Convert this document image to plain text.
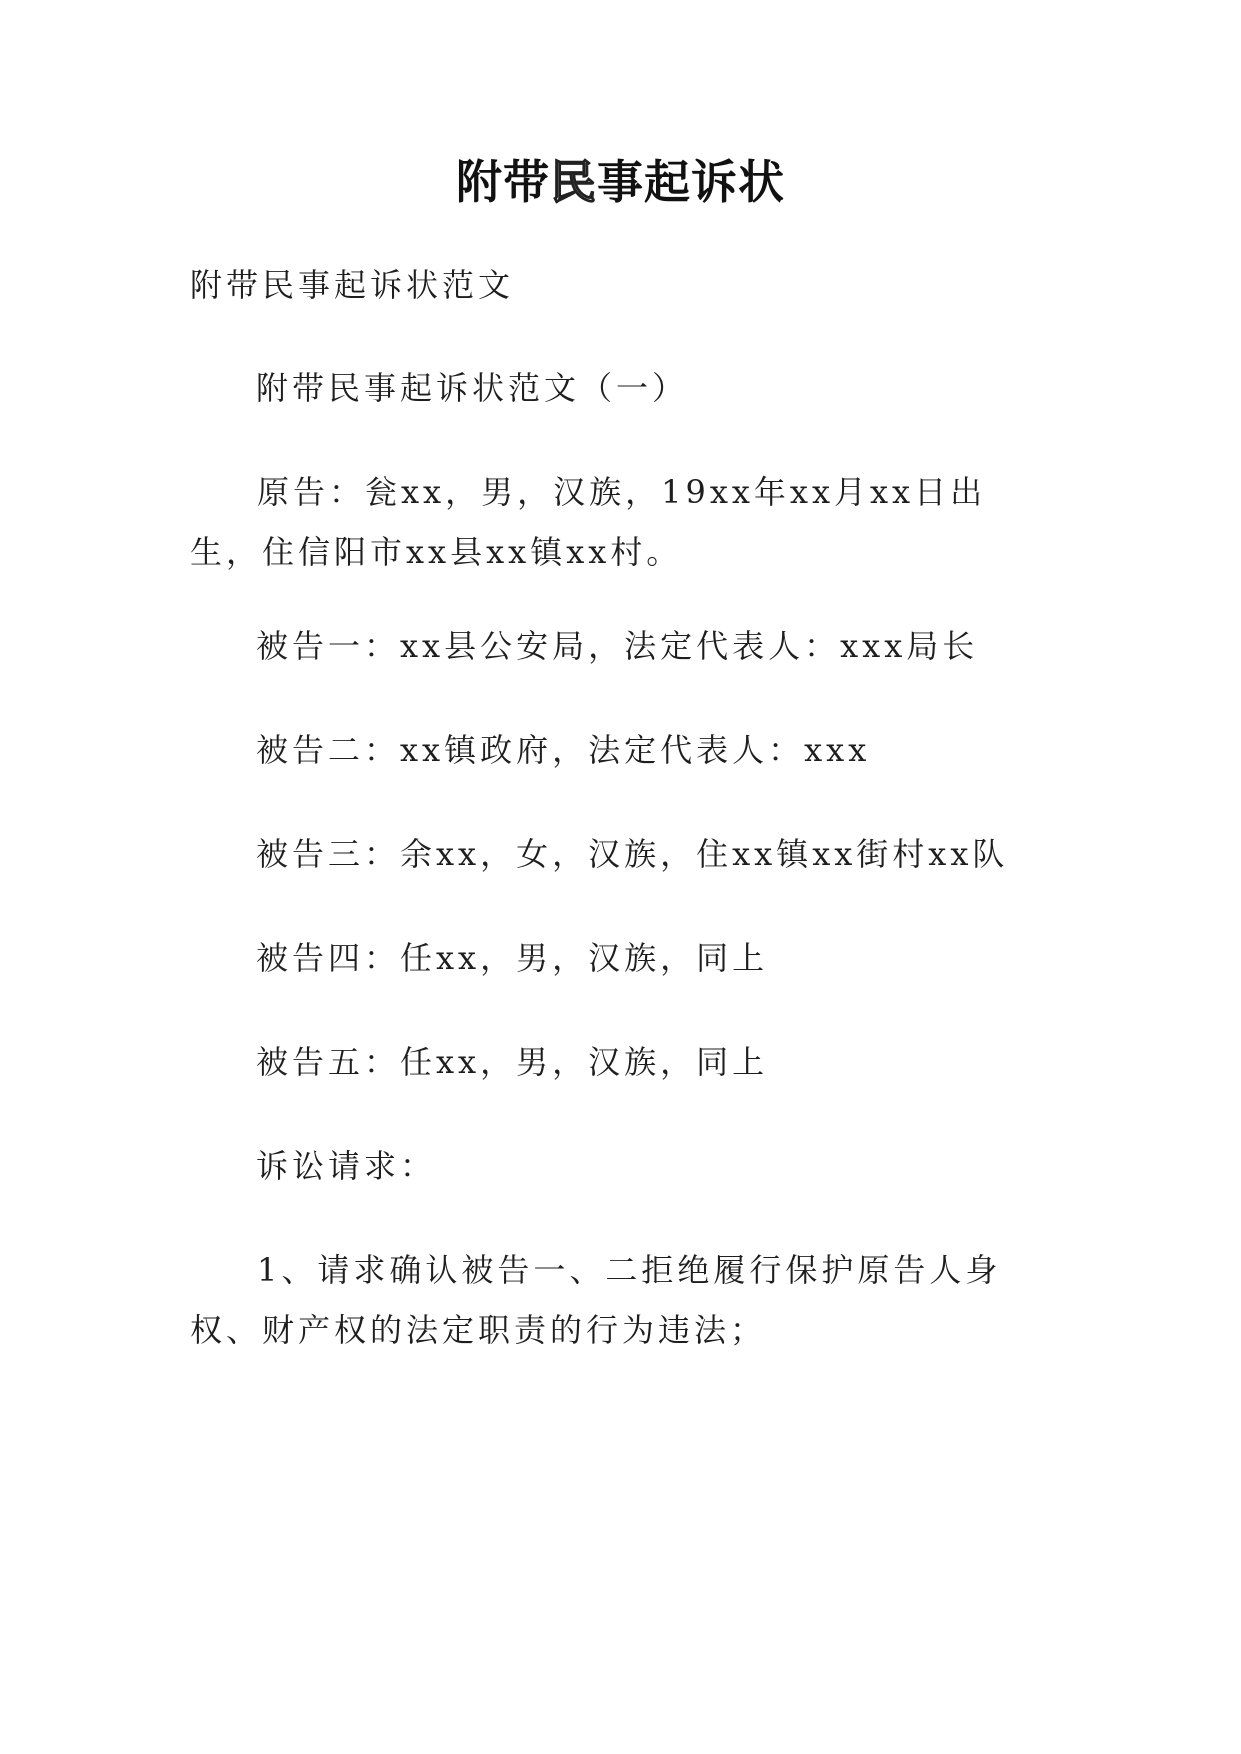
附带民事起诉状
附带民事起诉状范文
附带民事起诉状范文（一）
原告：瓮xx，男，汉族，19xx年xx月xx日出生，住信阳市xx县xx镇xx村。
被告一：xx县公安局，法定代表人：xxx局长
被告二：xx镇政府，法定代表人：xxx
被告三：余xx，女，汉族，住xx镇xx街村xx队
被告四：任xx，男，汉族，同上
被告五：任xx，男，汉族，同上
诉讼请求：
1、请求确认被告一、二拒绝履行保护原告人身权、财产权的法定职责的行为违法；
